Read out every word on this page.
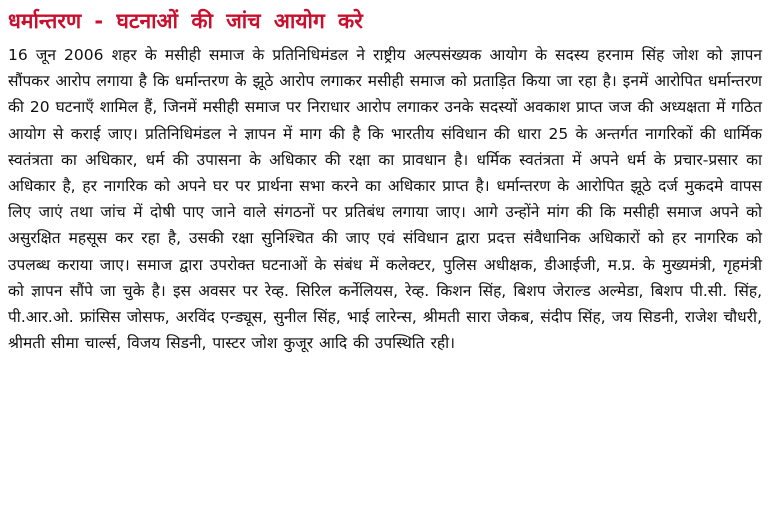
धर्मान्तरण - घटनाओं की जांच आयोग करे

16 जून 2006 शहर के मसीही समाज के प्रतिनिधिमंडल ने राष्ट्रीय अल्पसंख्यक आयोग के सदस्य हरनाम सिंह जोश को ज्ञापन सौंपकर आरोप लगाया है कि धर्मान्तरण के झूठे आरोप लगाकर मसीही समाज को प्रताड़ित किया जा रहा है। इनमें आरोपित धर्मान्तरण की 20 घटनाएँ शामिल हैं, जिनमें मसीही समाज पर निराधार आरोप लगाकर उनके सदस्यों अवकाश प्राप्त जज की अध्यक्षता में गठित आयोग से कराई जाए। प्रतिनिधिमंडल ने ज्ञापन में माग की है कि भारतीय संविधान की धारा 25 के अन्तर्गत नागरिकों की धार्मिक स्वतंत्रता का अधिकार, धर्म की उपासना के अधिकार की रक्षा का प्रावधान है। धर्मिक स्वतंत्रता में अपने धर्म के प्रचार-प्रसार का अधिकार है, हर नागरिक को अपने घर पर प्रार्थना सभा करने का अधिकार प्राप्त है। धर्मान्तरण के आरोपित झूठे दर्ज मुकदमे वापस लिए जाएं तथा जांच में दोषी पाए जाने वाले संगठनों पर प्रतिबंध लगाया जाए। आगे उन्होंने मांग की कि मसीही समाज अपने को असुरक्षित महसूस कर रहा है, उसकी रक्षा सुनिश्चित की जाए एवं संविधान द्वारा प्रदत्त संवैधानिक अधिकारों को हर नागरिक को उपलब्ध कराया जाए। समाज द्वारा उपरोक्त घटनाओं के संबंध में कलेक्टर, पुलिस अधीक्षक, डीआईजी, म.प्र. के मुख्यमंत्री, गृहमंत्री को ज्ञापन सौंपे जा चुके है। इस अवसर पर रेव्ह. सिरिल कर्नेलियस, रेव्ह. किशन सिंह, बिशप जेराल्ड अल्मेडा, बिशप पी.सी. सिंह, पी.आर.ओ. फ्रांसिस जोसफ, अरविंद एन्ड्यूस, सुनील सिंह, भाई लारेन्स, श्रीमती सारा जेकब, संदीप सिंह, जय सिडनी, राजेश चौधरी, श्रीमती सीमा चार्ल्स, विजय सिडनी, पास्टर जोश कुजूर आदि की उपस्थिति रही।
